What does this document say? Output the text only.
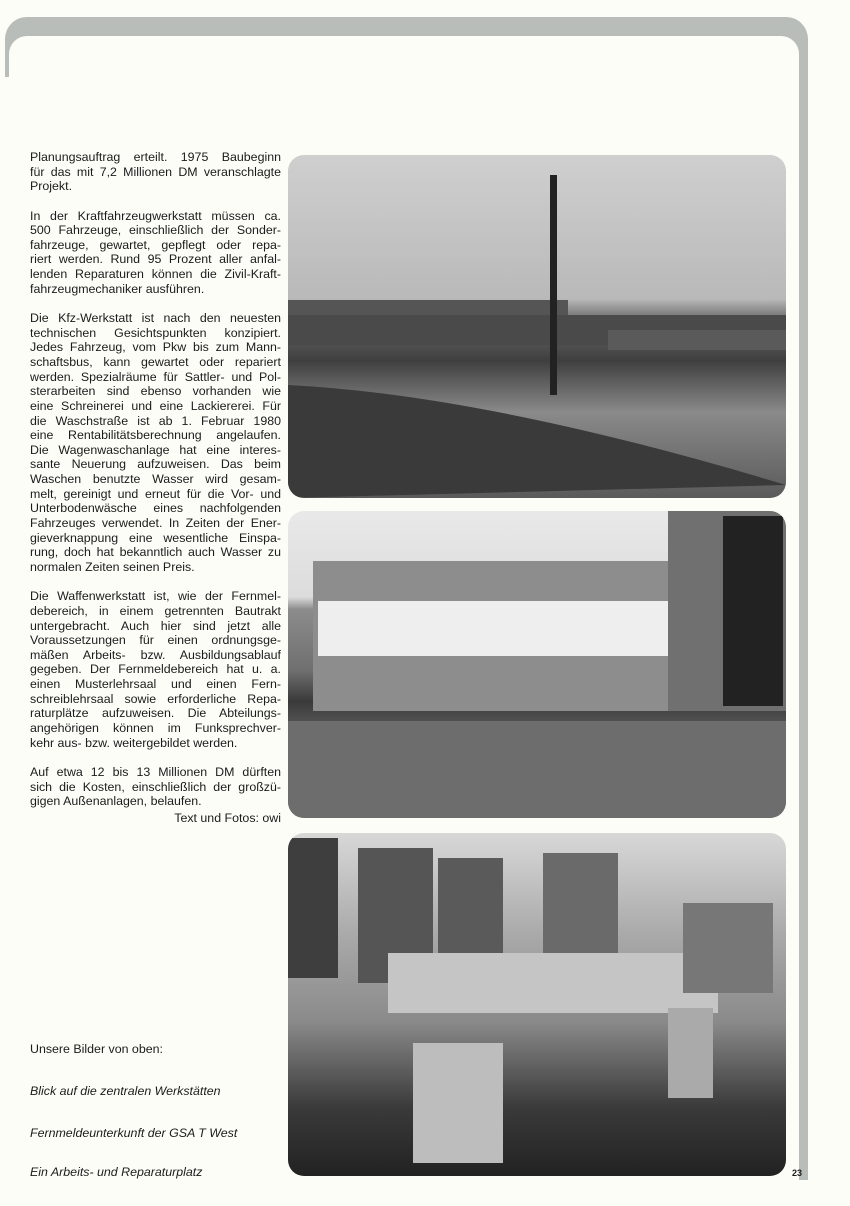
Planungsauftrag erteilt. 1975 Baubeginn
für das mit 7,2 Millionen DM veranschlagte
Projekt.
In der Kraftfahrzeugwerkstatt müssen ca.
500 Fahrzeuge, einschließlich der Sonder-
fahrzeuge, gewartet, gepflegt oder repa-
riert werden. Rund 95 Prozent aller anfal-
lenden Reparaturen können die Zivil-Kraft-
fahrzeugmechaniker ausführen.
Die Kfz-Werkstatt ist nach den neuesten
technischen Gesichtspunkten konzipiert.
Jedes Fahrzeug, vom Pkw bis zum Mann-
schaftsbus, kann gewartet oder repariert
werden. Spezialräume für Sattler- und Pol-
sterarbeiten sind ebenso vorhanden wie
eine Schreinerei und eine Lackiererei. Für
die Waschstraße ist ab 1. Februar 1980
eine Rentabilitätsberechnung angelaufen.
Die Wagenwaschanlage hat eine interes-
sante Neuerung aufzuweisen. Das beim
Waschen benutzte Wasser wird gesam-
melt, gereinigt und erneut für die Vor- und
Unterbodenwäsche eines nachfolgenden
Fahrzeuges verwendet. In Zeiten der Ener-
gieverknappung eine wesentliche Einspa-
rung, doch hat bekanntlich auch Wasser zu
normalen Zeiten seinen Preis.
Die Waffenwerkstatt ist, wie der Fernmel-
debereich, in einem getrennten Bautrakt
untergebracht. Auch hier sind jetzt alle
Voraussetzungen für einen ordnungsge-
mäßen Arbeits- bzw. Ausbildungsablauf
gegeben. Der Fernmeldebereich hat u. a.
einen Musterlehrsaal und einen Fern-
schreiblehrsaal sowie erforderliche Repa-
raturplätze aufzuweisen. Die Abteilungs-
angehörigen können im Funksprechver-
kehr aus- bzw. weitergebildet werden.
Auf etwa 12 bis 13 Millionen DM dürften
sich die Kosten, einschließlich der großzü-
gigen Außenanlagen, belaufen.
Text und Fotos: owi
Unsere Bilder von oben:
Blick auf die zentralen Werkstätten
Fernmeldeunterkunft der GSA T West
Ein Arbeits- und Reparaturplatz	23
